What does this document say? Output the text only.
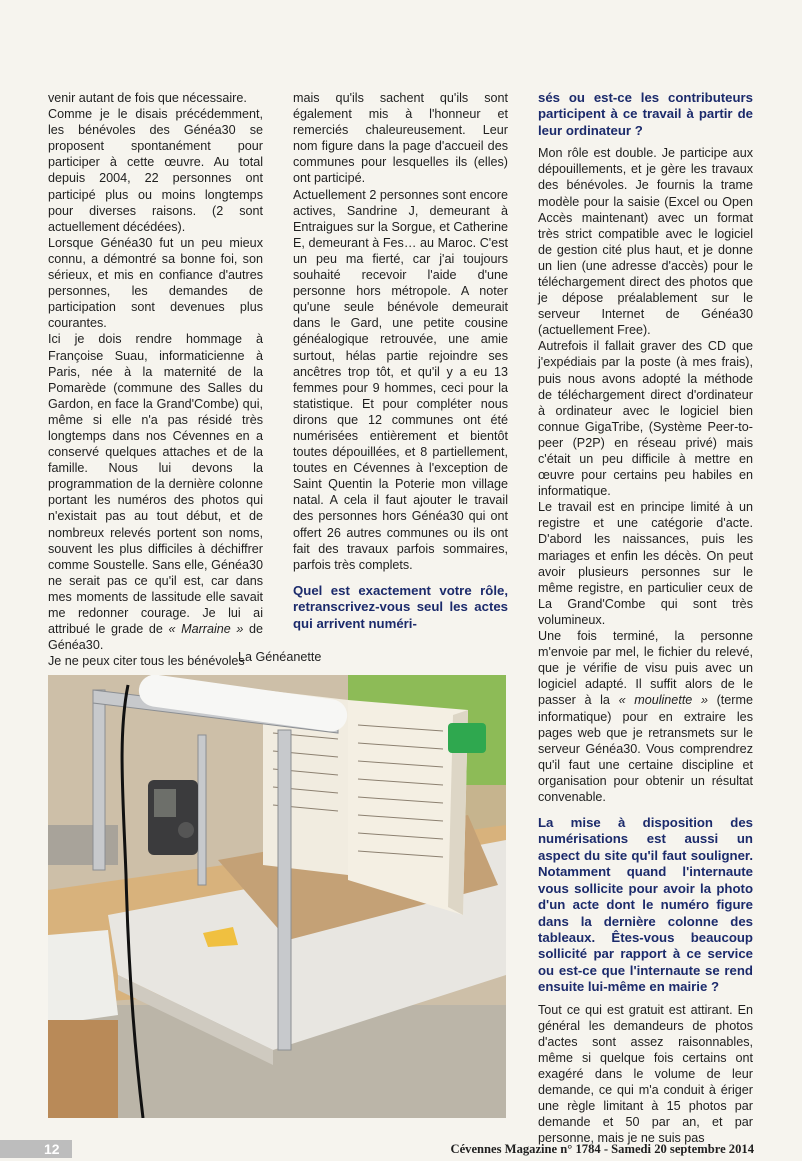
venir autant de fois que nécessaire.

Comme je le disais précédemment, les bénévoles des Généa30 se proposent spontanément pour participer à cette œuvre. Au total depuis 2004, 22 personnes ont participé plus ou moins longtemps pour diverses raisons. (2 sont actuellement décédées).

Lorsque Généa30 fut un peu mieux connu, a démontré sa bonne foi, son sérieux, et mis en confiance d'autres personnes, les demandes de participation sont devenues plus courantes.

Ici je dois rendre hommage à Françoise Suau, informaticienne à Paris, née à la maternité de la Pomarède (commune des Salles du Gardon, en face la Grand'Combe) qui, même si elle n'a pas résidé très longtemps dans nos Cévennes en a conservé quelques attaches et de la famille. Nous lui devons la programmation de la dernière colonne portant les numéros des photos qui n'existait pas au tout début, et de nombreux relevés portent son noms, souvent les plus difficiles à déchiffrer comme Soustelle. Sans elle, Généa30 ne serait pas ce qu'il est, car dans mes moments de lassitude elle savait me redonner courage. Je lui ai attribué le grade de « Marraine » de Généa30.

Je ne peux citer tous les bénévoles

mais qu'ils sachent qu'ils sont également mis à l'honneur et remerciés chaleureusement. Leur nom figure dans la page d'accueil des communes pour lesquelles ils (elles) ont participé.

Actuellement 2 personnes sont encore actives, Sandrine J, demeurant à Entraigues sur la Sorgue, et Catherine E, demeurant à Fes… au Maroc. C'est un peu ma fierté, car j'ai toujours souhaité recevoir l'aide d'une personne hors métropole. A noter qu'une seule bénévole demeurait dans le Gard, une petite cousine généalogique retrouvée, une amie surtout, hélas partie rejoindre ses ancêtres trop tôt, et qu'il y a eu 13 femmes pour 9 hommes, ceci pour la statistique. Et pour compléter nous dirons que 12 communes ont été numérisées entièrement et bientôt toutes dépouillées, et 8 partiellement, toutes en Cévennes à l'exception de Saint Quentin la Poterie mon village natal. A cela il faut ajouter le travail des personnes hors Généa30 qui ont offert 26 autres communes ou ils ont fait des travaux parfois sommaires, parfois très complets.

Quel est exactement votre rôle, retranscrivez-vous seul les actes qui arrivent numéri-

sés ou est-ce les contributeurs participent à ce travail à partir de leur ordinateur ?

Mon rôle est double. Je participe aux dépouillements, et je gère les travaux des bénévoles. Je fournis la trame modèle pour la saisie (Excel ou Open Accès maintenant) avec un format très strict compatible avec le logiciel de gestion cité plus haut, et je donne un lien (une adresse d'accès) pour le téléchargement direct des photos que je dépose préalablement sur le serveur Internet de Généa30 (actuellement Free).

Autrefois il fallait graver des CD que j'expédiais par la poste (à mes frais), puis nous avons adopté la méthode de téléchargement direct d'ordinateur à ordinateur avec le logiciel bien connue GigaTribe, (Système Peer-to-peer (P2P) en réseau privé) mais c'était un peu difficile à mettre en œuvre pour certains peu habiles en informatique.

Le travail est en principe limité à un registre et une catégorie d'acte. D'abord les naissances, puis les mariages et enfin les décès. On peut avoir plusieurs personnes sur le même registre, en particulier ceux de La Grand'Combe qui sont très volumineux.

Une fois terminé, la personne m'envoie par mel, le fichier du relevé, que je vérifie de visu puis avec un logiciel adapté. Il suffit alors de le passer à la « moulinette » (terme informatique) pour en extraire les pages web que je retransmets sur le serveur Généa30. Vous comprendrez qu'il faut une certaine discipline et organisation pour obtenir un résultat convenable.

La mise à disposition des numérisations est aussi un aspect du site qu'il faut souligner. Notamment quand l'internaute vous sollicite pour avoir la photo d'un acte dont le numéro figure dans la dernière colonne des tableaux. Êtes-vous beaucoup sollicité par rapport à ce service ou est-ce que l'internaute se rend ensuite lui-même en mairie ?

Tout ce qui est gratuit est attirant. En général les demandeurs de photos d'actes sont assez raisonnables, même si quelque fois certains ont exagéré dans le volume de leur demande, ce qui m'a conduit à ériger une règle limitant à 15 photos par demande et 50 par an, et par personne, mais je ne suis pas

La Généanette
12	Cévennes Magazine n° 1784 - Samedi 20 septembre 2014
